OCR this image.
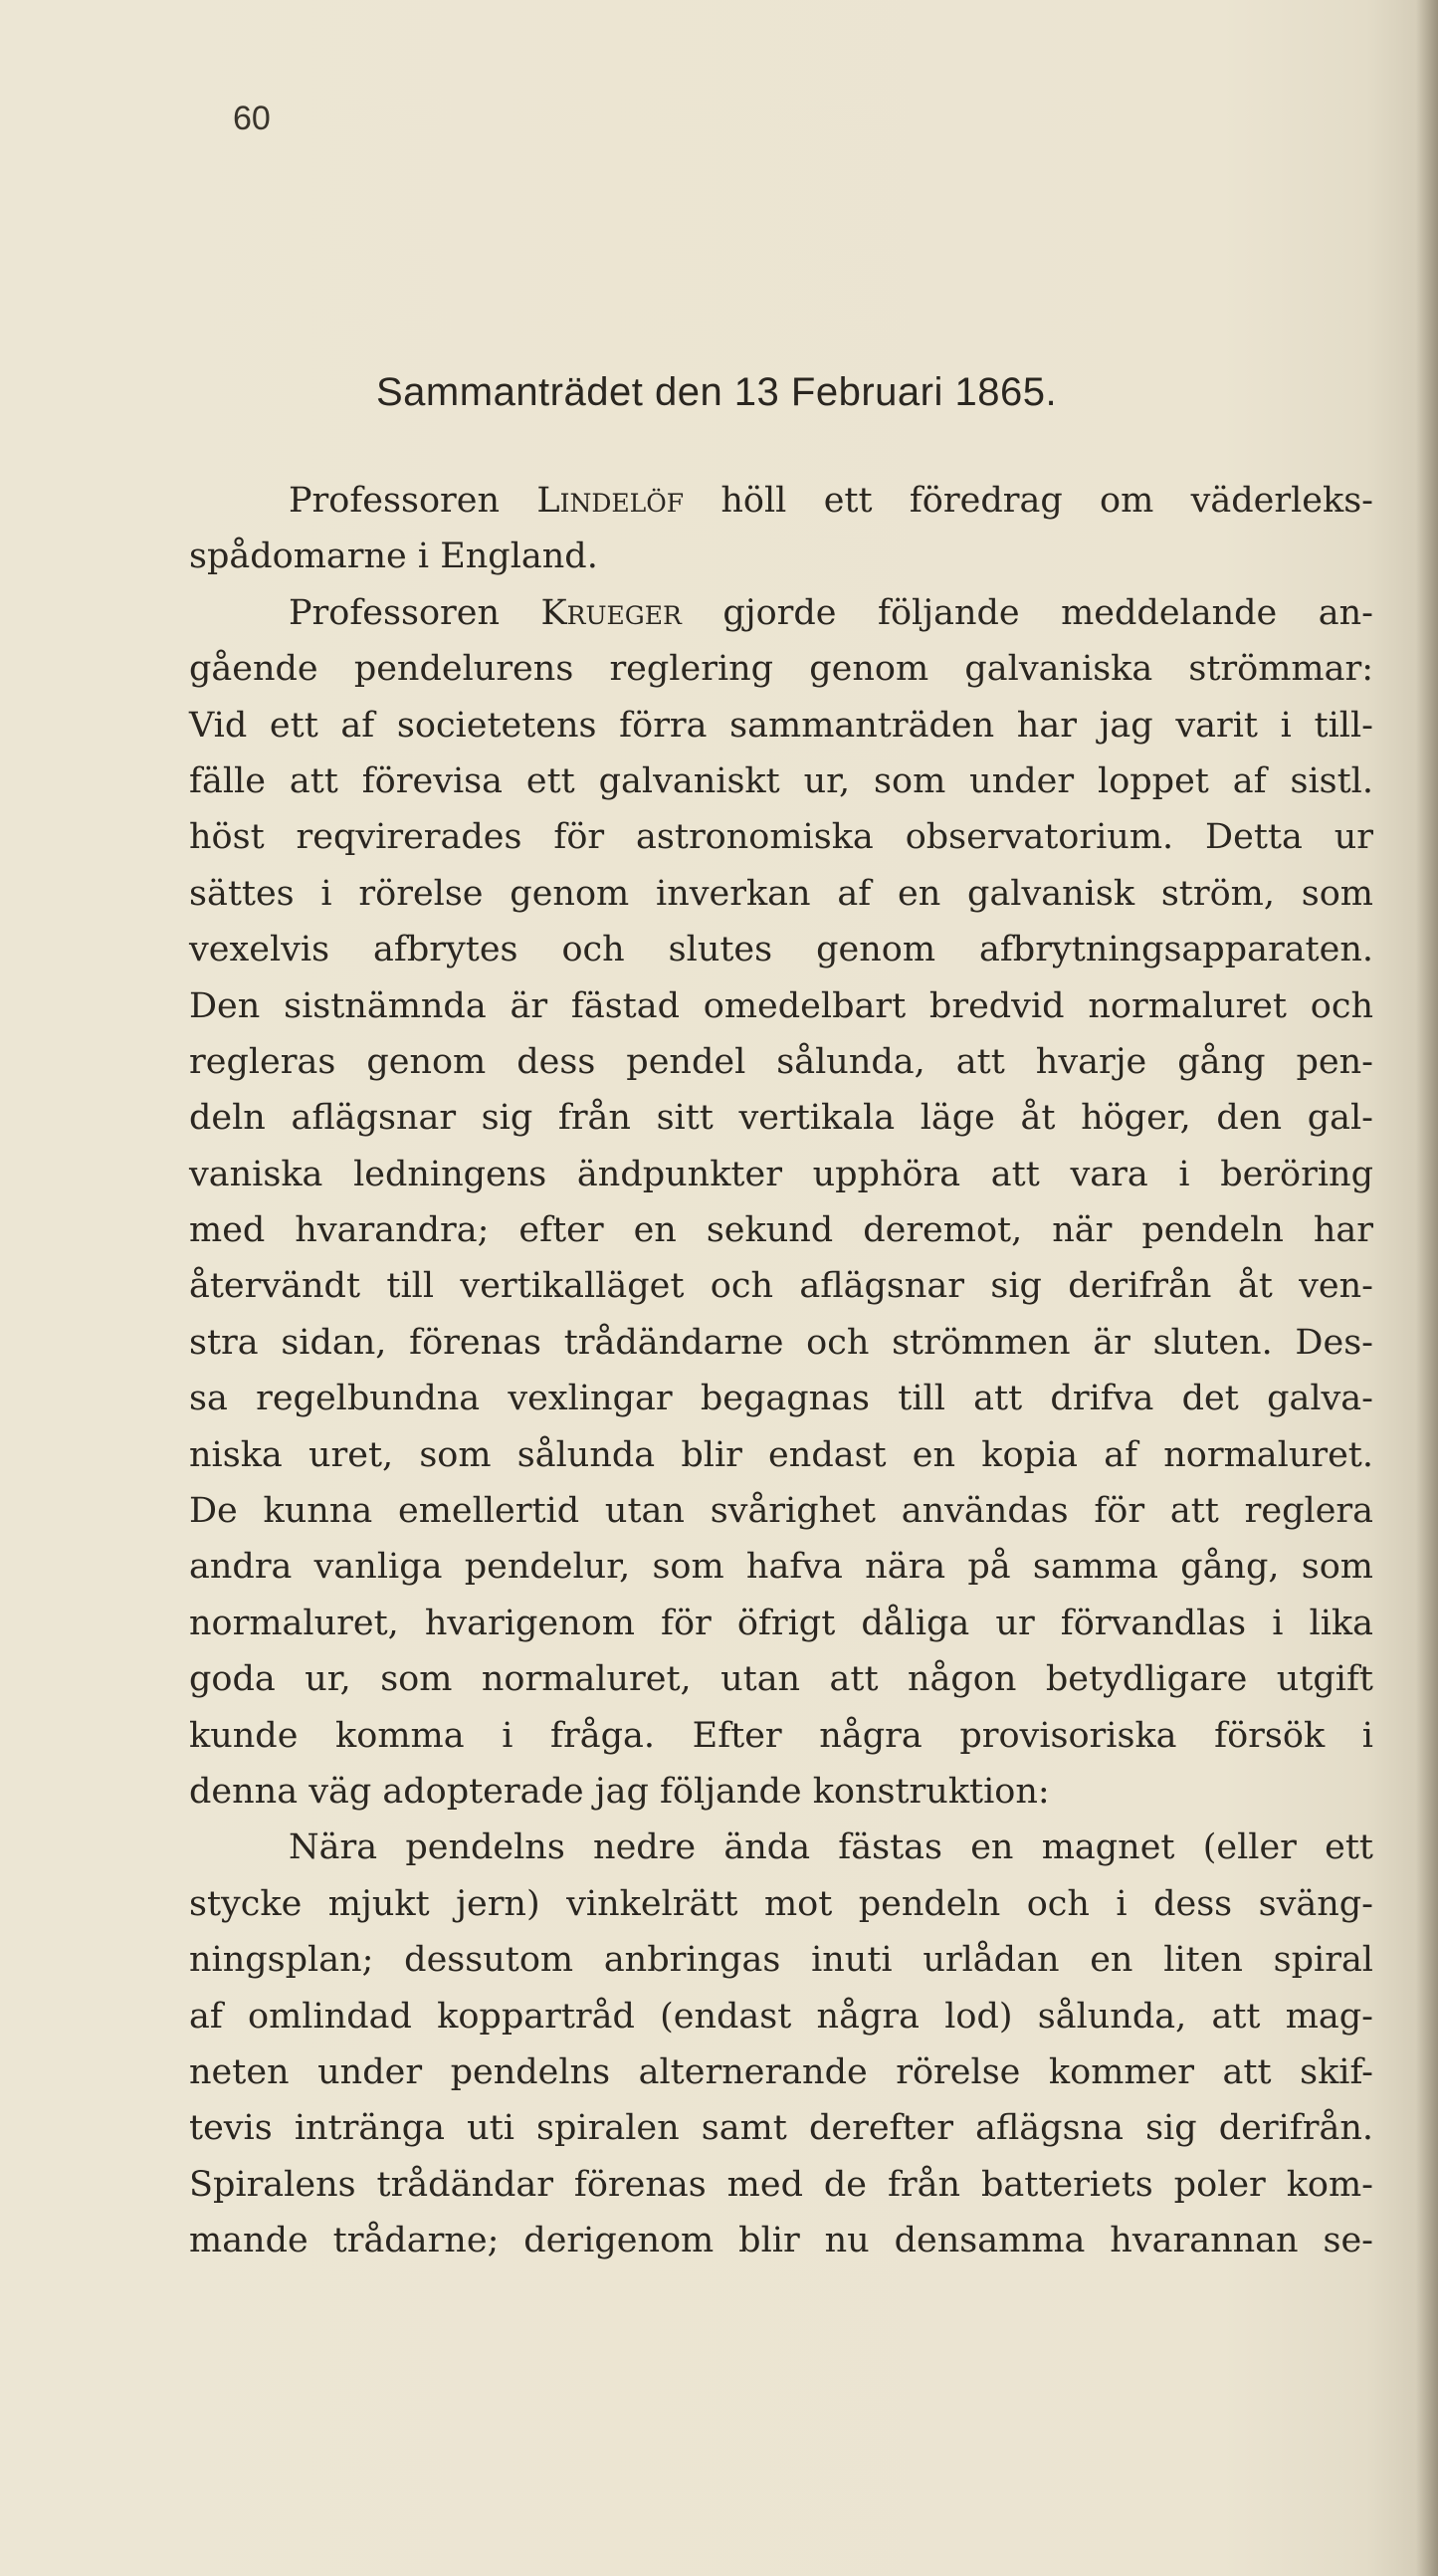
60
Sammanträdet den 13 Februari 1865.
Professoren Lindelöf höll ett föredrag om väderleks-
spådomarne i England.
Professoren Krueger gjorde följande meddelande an-
gående pendelurens reglering genom galvaniska strömmar:
Vid ett af societetens förra sammanträden har jag varit i till-
fälle att förevisa ett galvaniskt ur, som under loppet af sistl.
höst reqvirerades för astronomiska observatorium. Detta ur
sättes i rörelse genom inverkan af en galvanisk ström, som
vexelvis afbrytes och slutes genom afbrytningsapparaten.
Den sistnämnda är fästad omedelbart bredvid normaluret och
regleras genom dess pendel sålunda, att hvarje gång pen-
deln aflägsnar sig från sitt vertikala läge åt höger, den gal-
vaniska ledningens ändpunkter upphöra att vara i beröring
med hvarandra; efter en sekund deremot, när pendeln har
återvändt till vertikalläget och aflägsnar sig derifrån åt ven-
stra sidan, förenas trådändarne och strömmen är sluten. Des-
sa regelbundna vexlingar begagnas till att drifva det galva-
niska uret, som sålunda blir endast en kopia af normaluret.
De kunna emellertid utan svårighet användas för att reglera
andra vanliga pendelur, som hafva nära på samma gång, som
normaluret, hvarigenom för öfrigt dåliga ur förvandlas i lika
goda ur, som normaluret, utan att någon betydligare utgift
kunde komma i fråga. Efter några provisoriska försök i
denna väg adopterade jag följande konstruktion:
Nära pendelns nedre ända fästas en magnet (eller ett
stycke mjukt jern) vinkelrätt mot pendeln och i dess sväng-
ningsplan; dessutom anbringas inuti urlådan en liten spiral
af omlindad koppartråd (endast några lod) sålunda, att mag-
neten under pendelns alternerande rörelse kommer att skif-
tevis intränga uti spiralen samt derefter aflägsna sig derifrån.
Spiralens trådändar förenas med de från batteriets poler kom-
mande trådarne; derigenom blir nu densamma hvarannan se-
